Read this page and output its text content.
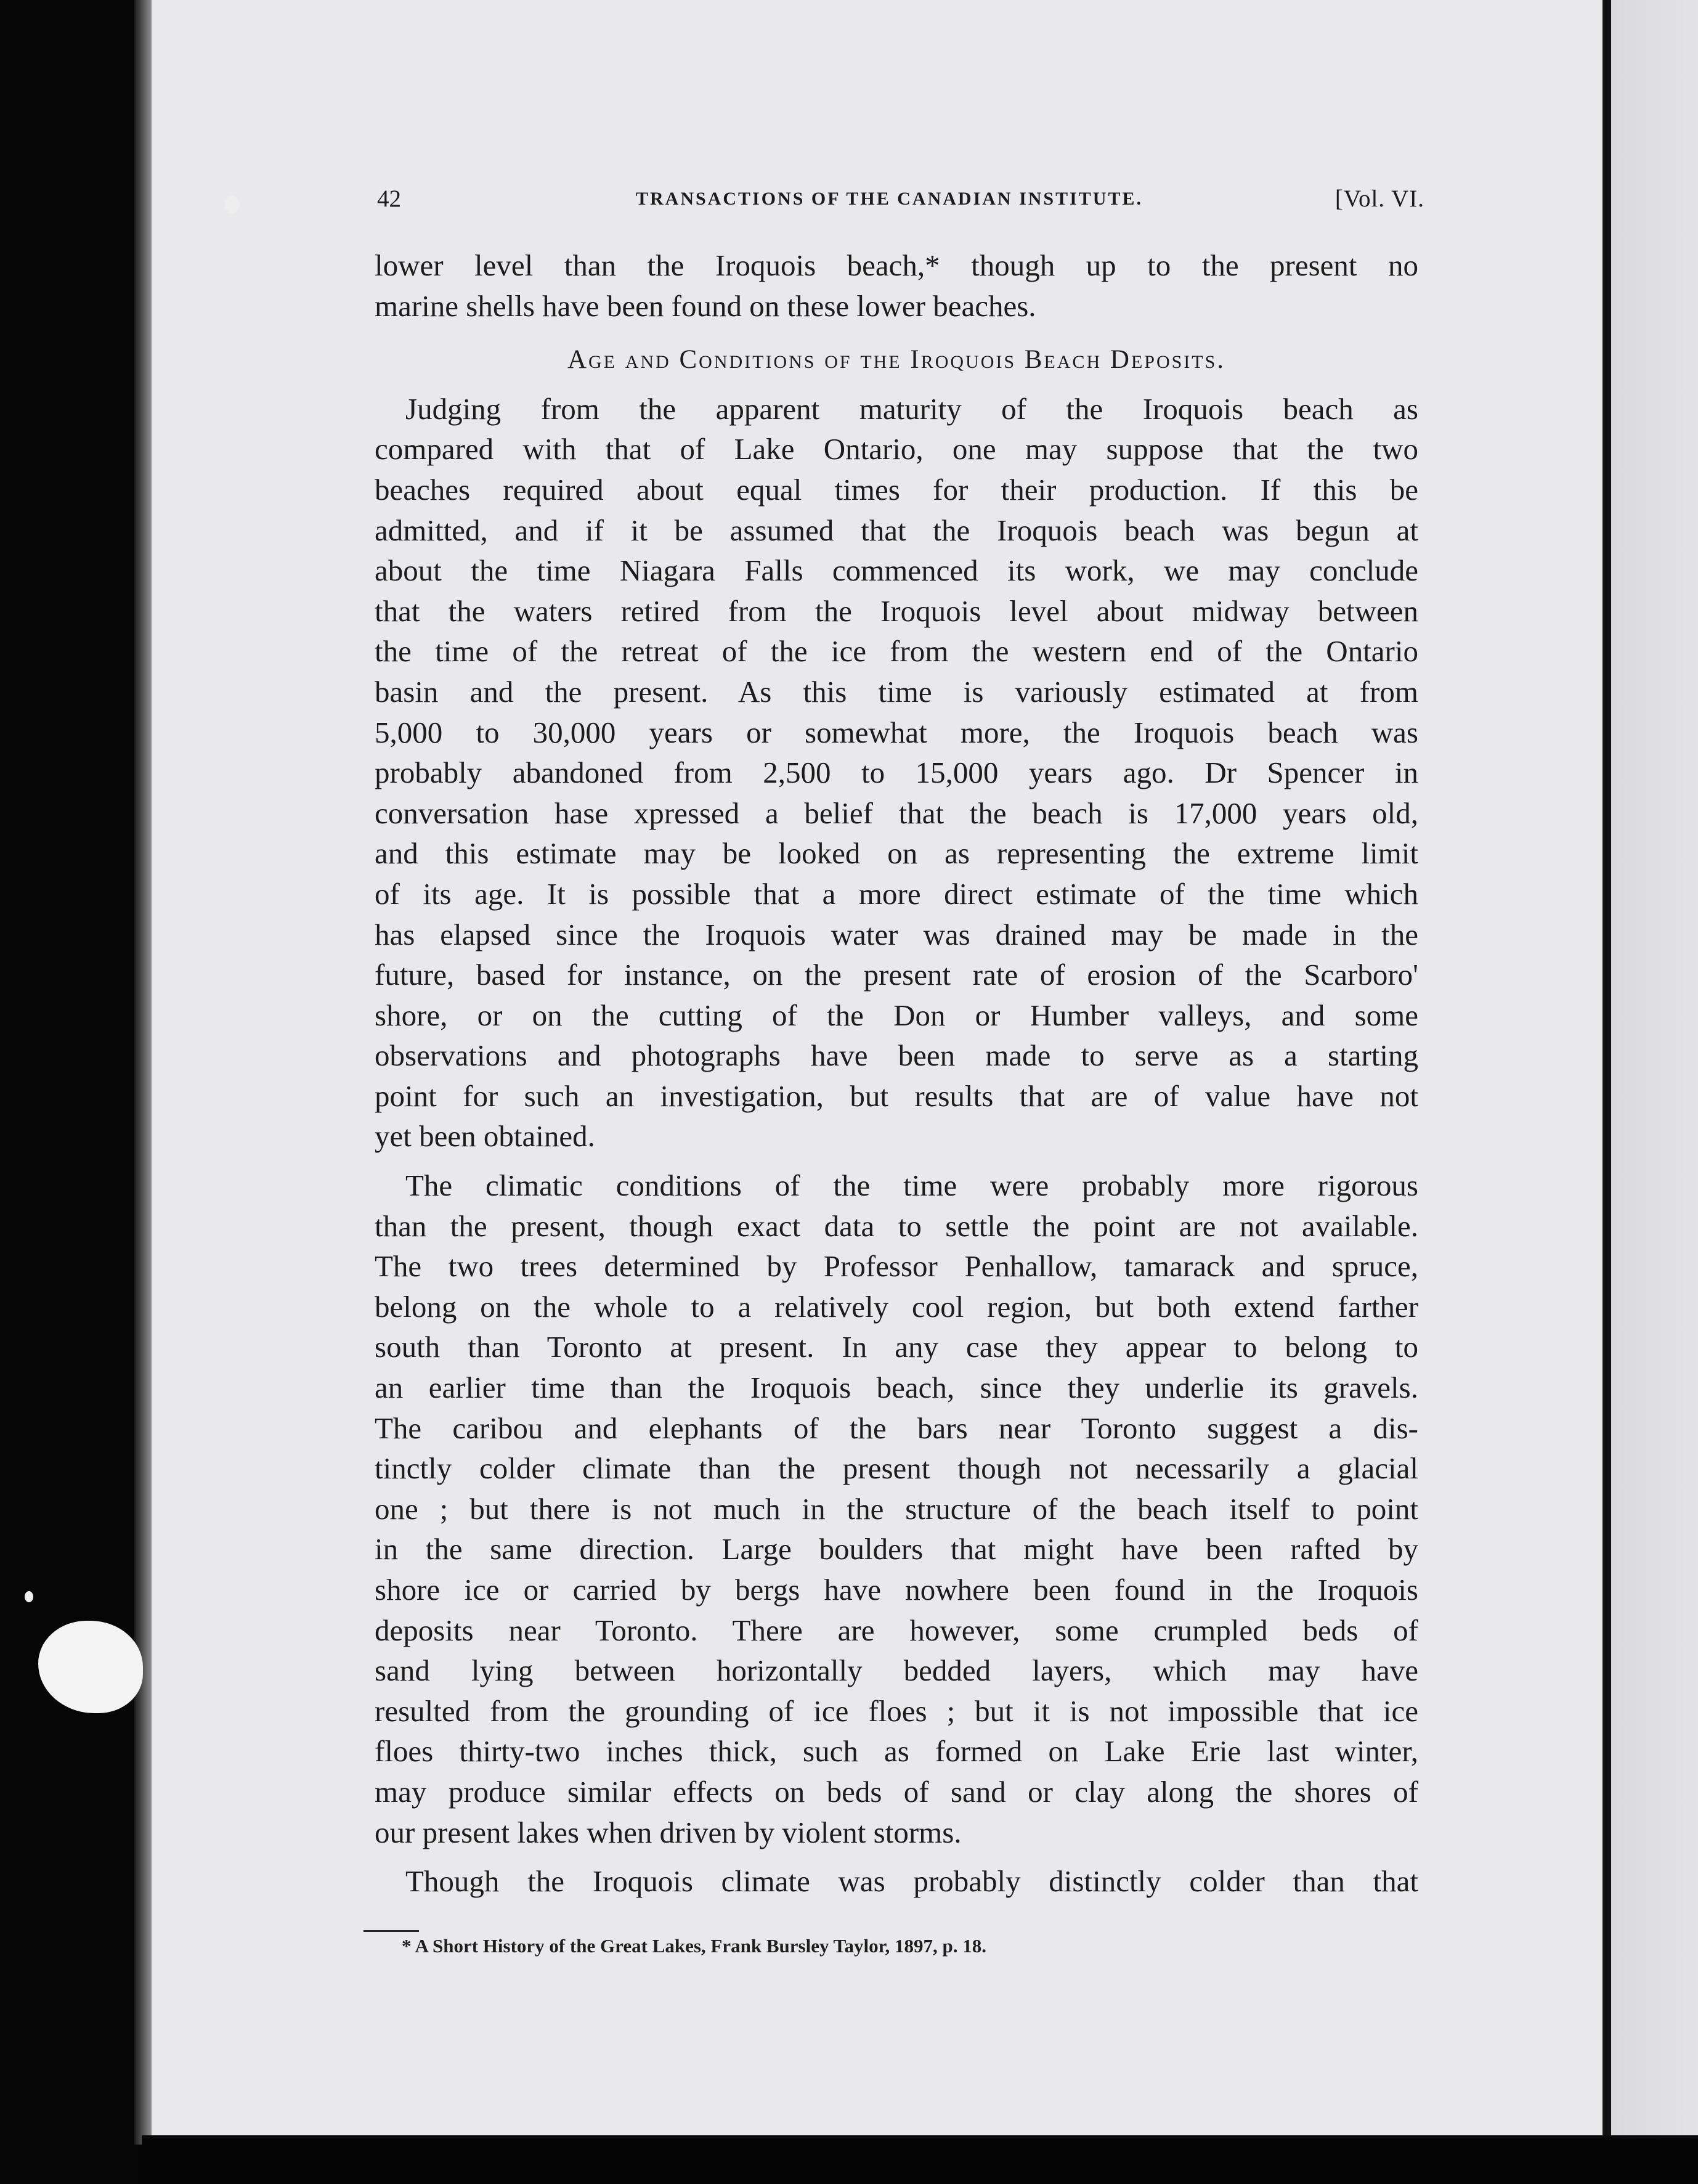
42	TRANSACTIONS OF THE CANADIAN INSTITUTE.	[Vol. VI.
lower level than the Iroquois beach,* though up to the present no
marine shells have been found on these lower beaches.
Age and Conditions of the Iroquois Beach Deposits.
Judging from the apparent maturity of the Iroquois beach as
compared with that of Lake Ontario, one may suppose that the two
beaches required about equal times for their production. If this be
admitted, and if it be assumed that the Iroquois beach was begun at
about the time Niagara Falls commenced its work, we may conclude
that the waters retired from the Iroquois level about midway between
the time of the retreat of the ice from the western end of the Ontario
basin and the present. As this time is variously estimated at from
5,000 to 30,000 years or somewhat more, the Iroquois beach was
probably abandoned from 2,500 to 15,000 years ago. Dr Spencer in
conversation hase xpressed a belief that the beach is 17,000 years old,
and this estimate may be looked on as representing the extreme limit
of its age. It is possible that a more direct estimate of the time which
has elapsed since the Iroquois water was drained may be made in the
future, based for instance, on the present rate of erosion of the Scarboro'
shore, or on the cutting of the Don or Humber valleys, and some
observations and photographs have been made to serve as a starting
point for such an investigation, but results that are of value have not
yet been obtained.
The climatic conditions of the time were probably more rigorous
than the present, though exact data to settle the point are not available.
The two trees determined by Professor Penhallow, tamarack and spruce,
belong on the whole to a relatively cool region, but both extend farther
south than Toronto at present. In any case they appear to belong to
an earlier time than the Iroquois beach, since they underlie its gravels.
The caribou and elephants of the bars near Toronto suggest a dis-
tinctly colder climate than the present though not necessarily a glacial
one ; but there is not much in the structure of the beach itself to point
in the same direction. Large boulders that might have been rafted by
shore ice or carried by bergs have nowhere been found in the Iroquois
deposits near Toronto. There are however, some crumpled beds of
sand lying between horizontally bedded layers, which may have
resulted from the grounding of ice floes ; but it is not impossible that ice
floes thirty-two inches thick, such as formed on Lake Erie last winter,
may produce similar effects on beds of sand or clay along the shores of
our present lakes when driven by violent storms.
Though the Iroquois climate was probably distinctly colder than that
* A Short History of the Great Lakes, Frank Bursley Taylor, 1897, p. 18.
